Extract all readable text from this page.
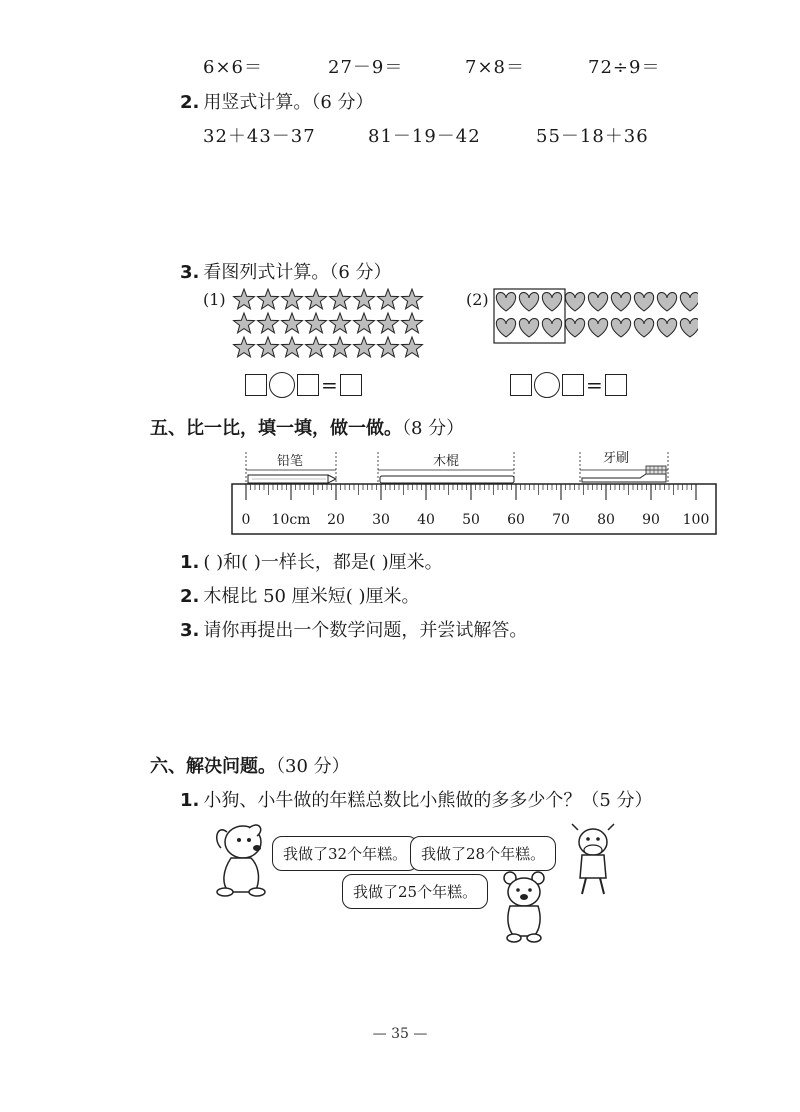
6×6＝	27－9＝	7×8＝	72÷9＝
2. 用竖式计算。（6 分）
32＋43－37	81－19－42	55－18＋36
3. 看图列式计算。（6 分）
(1)	(2)
=	=
五、比一比，填一填，做一做。（8 分）
0 10cm 20 30 40 50 60 70 80 90 100
铅笔	木棍	牙刷
1. ( )和( )一样长，都是( )厘米。
2. 木棍比 50 厘米短( )厘米。
3. 请你再提出一个数学问题，并尝试解答。
六、解决问题。（30 分）
1. 小狗、小牛做的年糕总数比小熊做的多多少个？（5 分）
我做了32个年糕。 我做了28个年糕。
我做了25个年糕。
— 35 —
